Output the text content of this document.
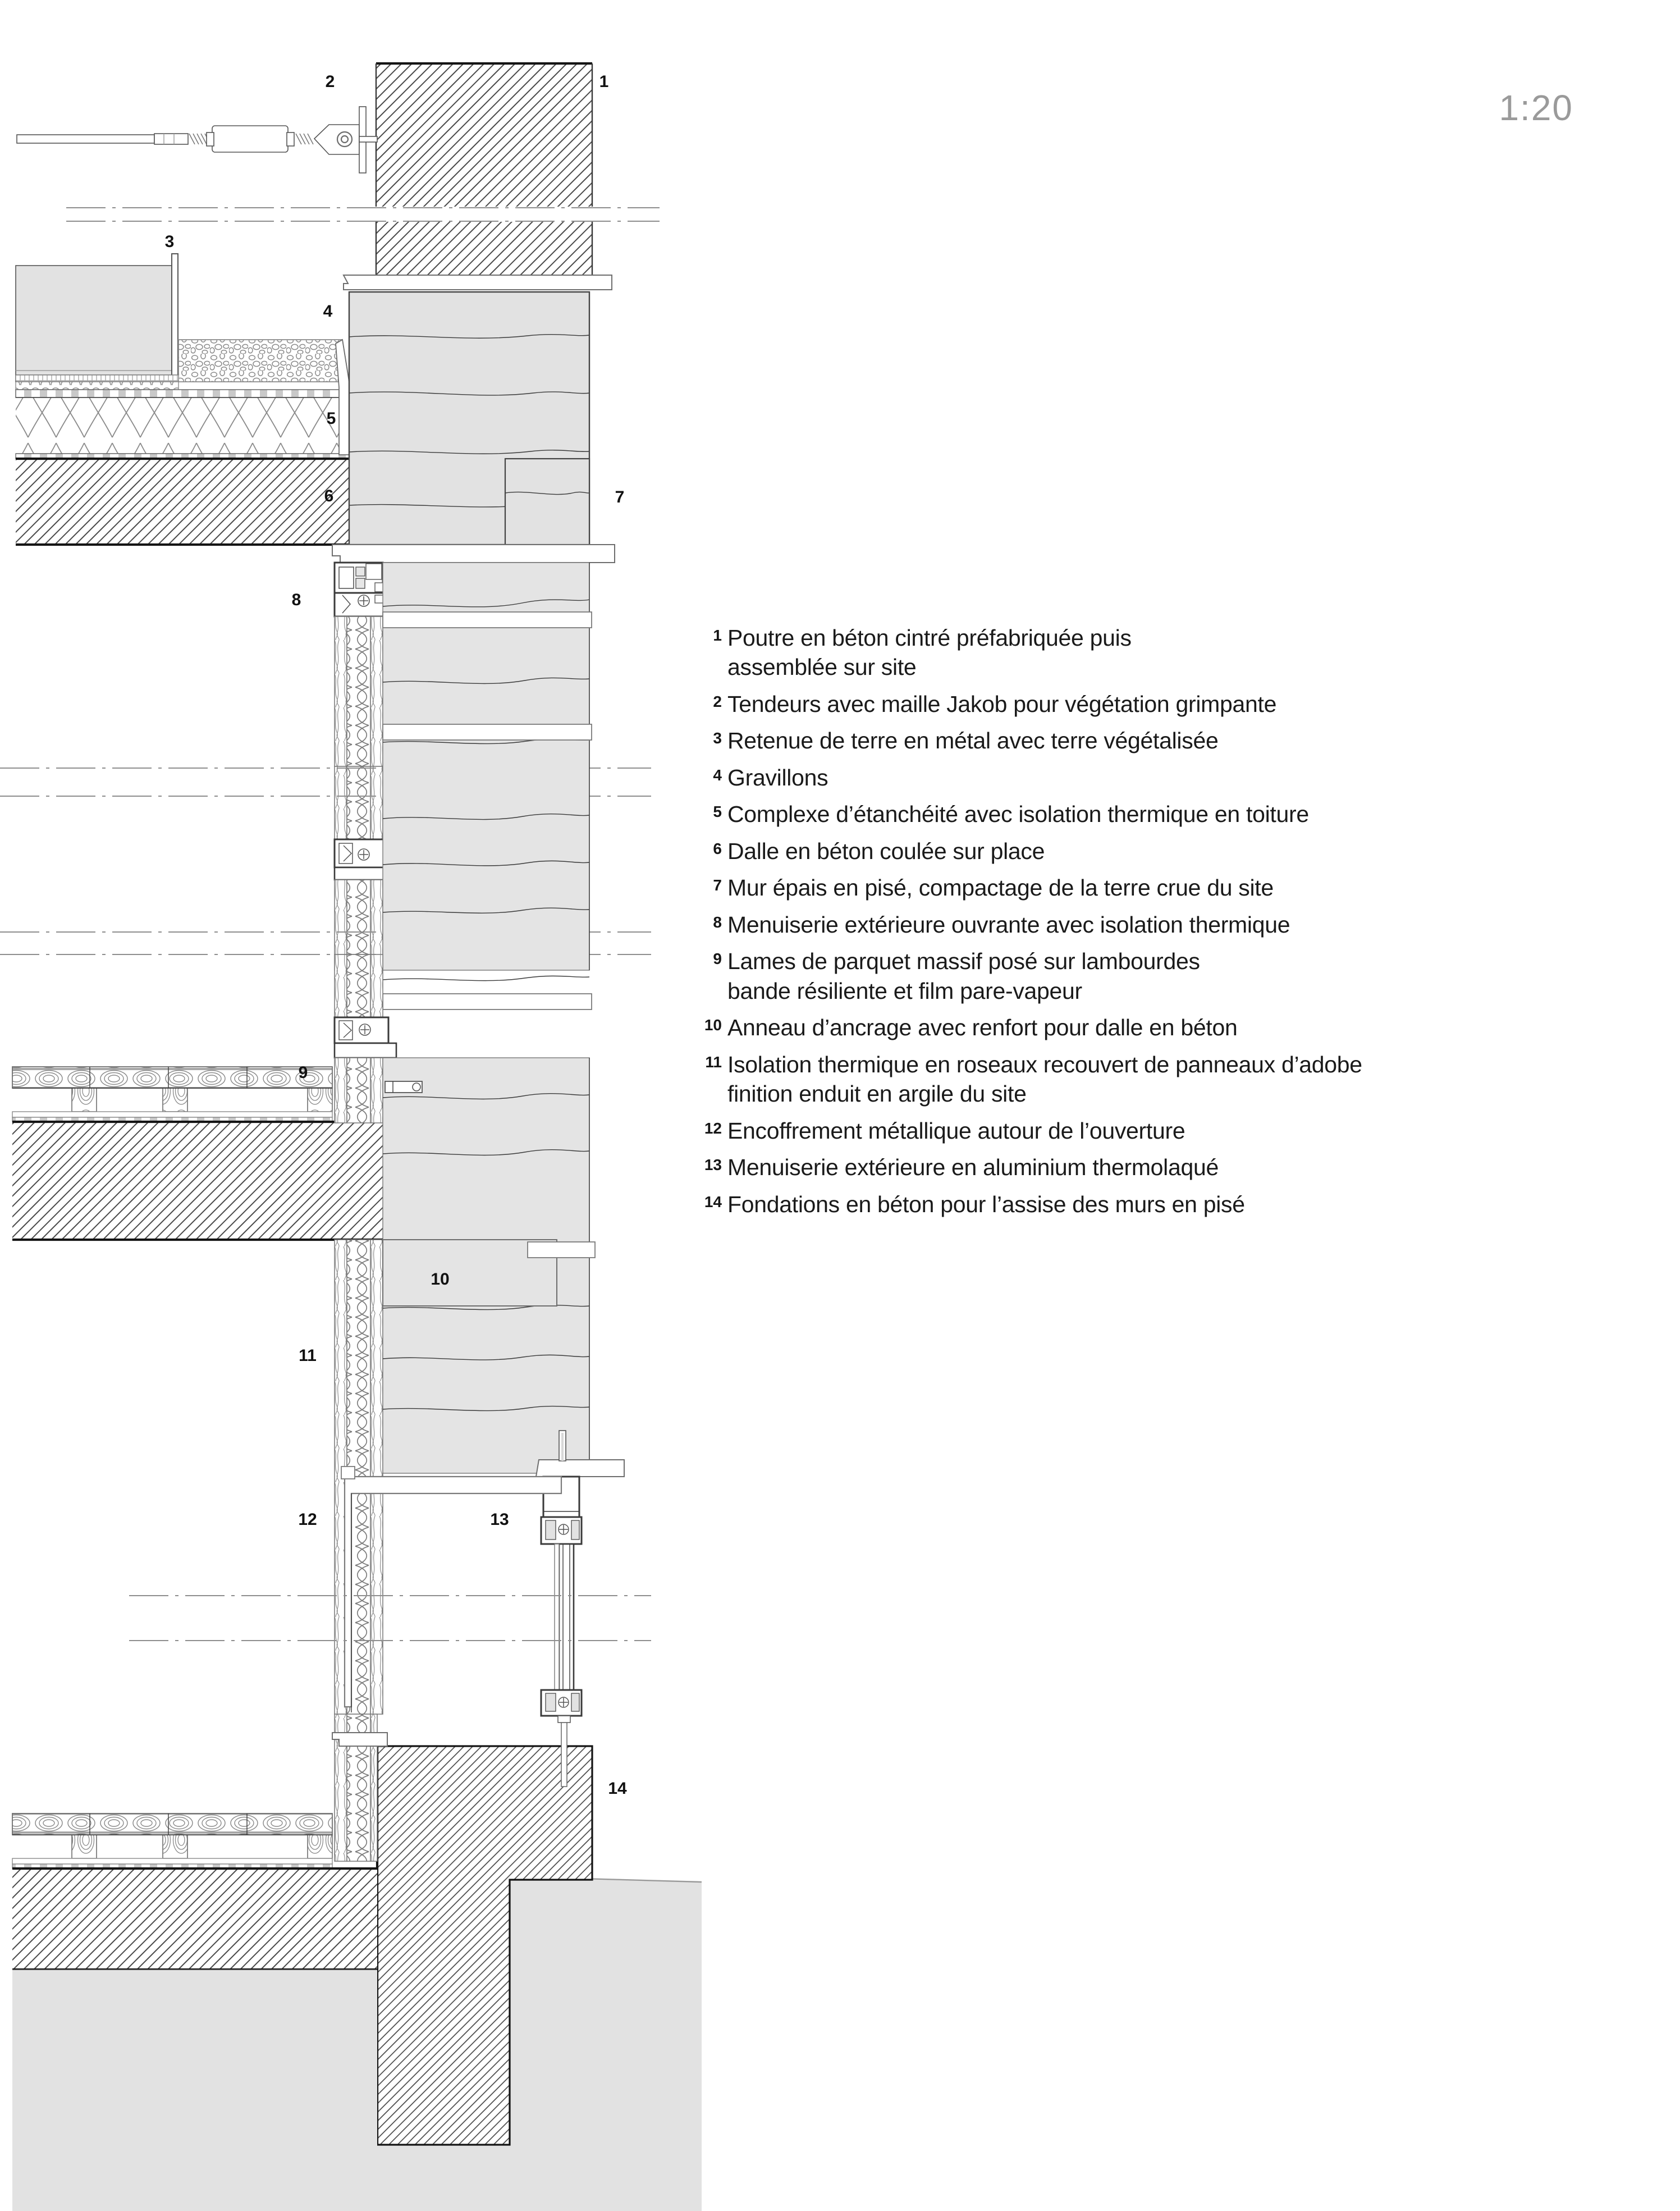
1
2
3
4
5
6	7
8
9
10
11
12	13
14
1:20
1 Poutre en béton cintré préfabriquée puis
assemblée sur site
2 Tendeurs avec maille Jakob pour végétation grimpante
3 Retenue de terre en métal avec terre végétalisée
4 Gravillons
5 Complexe d’étanchéité avec isolation thermique en toiture
6 Dalle en béton coulée sur place
7 Mur épais en pisé, compactage de la terre crue du site
8 Menuiserie extérieure ouvrante avec isolation thermique
9 Lames de parquet massif posé sur lambourdes
bande résiliente et film pare-vapeur
10 Anneau d’ancrage avec renfort pour dalle en béton
11 Isolation thermique en roseaux recouvert de panneaux d’adobe
finition enduit en argile du site
12 Encoffrement métallique autour de l’ouverture
13 Menuiserie extérieure en aluminium thermolaqué
14 Fondations en béton pour l’assise des murs en pisé
